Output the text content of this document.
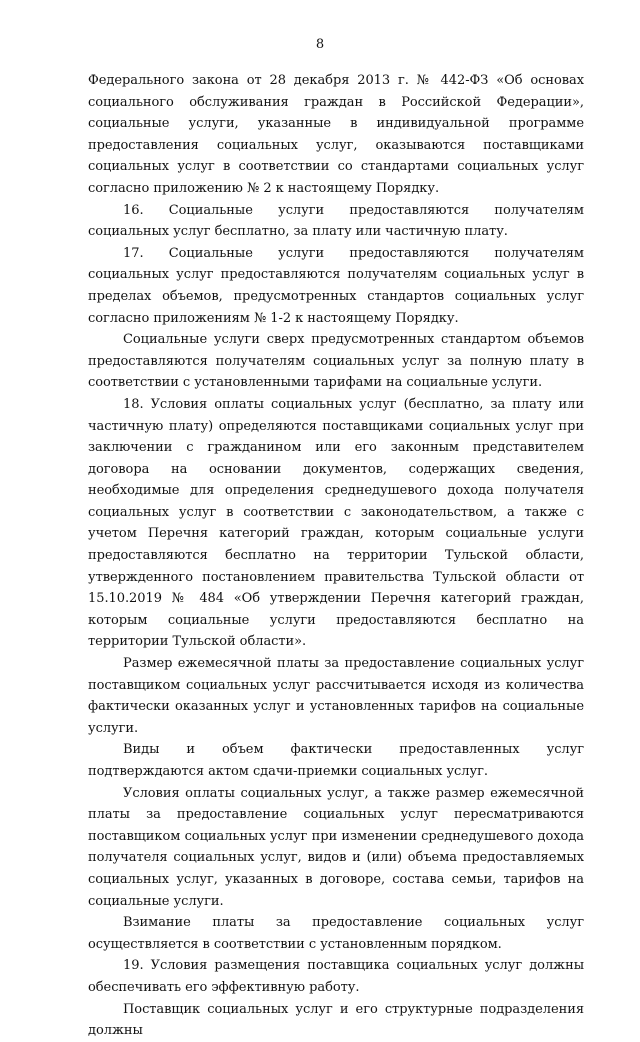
8

Федерального закона от 28 декабря 2013 г. № 442-ФЗ «Об основах социального обслуживания граждан в Российской Федерации», социальные услуги, указанные в индивидуальной программе предоставления социальных услуг, оказываются поставщиками социальных услуг в соответствии со стандартами социальных услуг согласно приложению № 2 к настоящему Порядку.

16. Социальные услуги предоставляются получателям социальных услуг бесплатно, за плату или частичную плату.

17. Социальные услуги предоставляются получателям социальных услуг предоставляются получателям социальных услуг в пределах объемов, предусмотренных стандартов социальных услуг согласно приложениям № 1-2 к настоящему Порядку.

Социальные услуги сверх предусмотренных стандартом объемов предоставляются получателям социальных услуг за полную плату в соответствии с установленными тарифами на социальные услуги.

18. Условия оплаты социальных услуг (бесплатно, за плату или частичную плату) определяются поставщиками социальных услуг при заключении с гражданином или его законным представителем договора на основании документов, содержащих сведения, необходимые для определения среднедушевого дохода получателя социальных услуг в соответствии с законодательством, а также с учетом Перечня категорий граждан, которым социальные услуги предоставляются бесплатно на территории Тульской области, утвержденного постановлением правительства Тульской области от 15.10.2019 № 484 «Об утверждении Перечня категорий граждан, которым социальные услуги предоставляются бесплатно на территории Тульской области».

Размер ежемесячной платы за предоставление социальных услуг поставщиком социальных услуг рассчитывается исходя из количества фактически оказанных услуг и установленных тарифов на социальные услуги.

Виды и объем фактически предоставленных услуг подтверждаются актом сдачи-приемки социальных услуг.

Условия оплаты социальных услуг, а также размер ежемесячной платы за предоставление социальных услуг пересматриваются поставщиком социальных услуг при изменении среднедушевого дохода получателя социальных услуг, видов и (или) объема предоставляемых социальных услуг, указанных в договоре, состава семьи, тарифов на социальные услуги.

Взимание платы за предоставление социальных услуг осуществляется в соответствии с установленным порядком.

19. Условия размещения поставщика социальных услуг должны обеспечивать его эффективную работу.

Поставщик социальных услуг и его структурные подразделения должны
